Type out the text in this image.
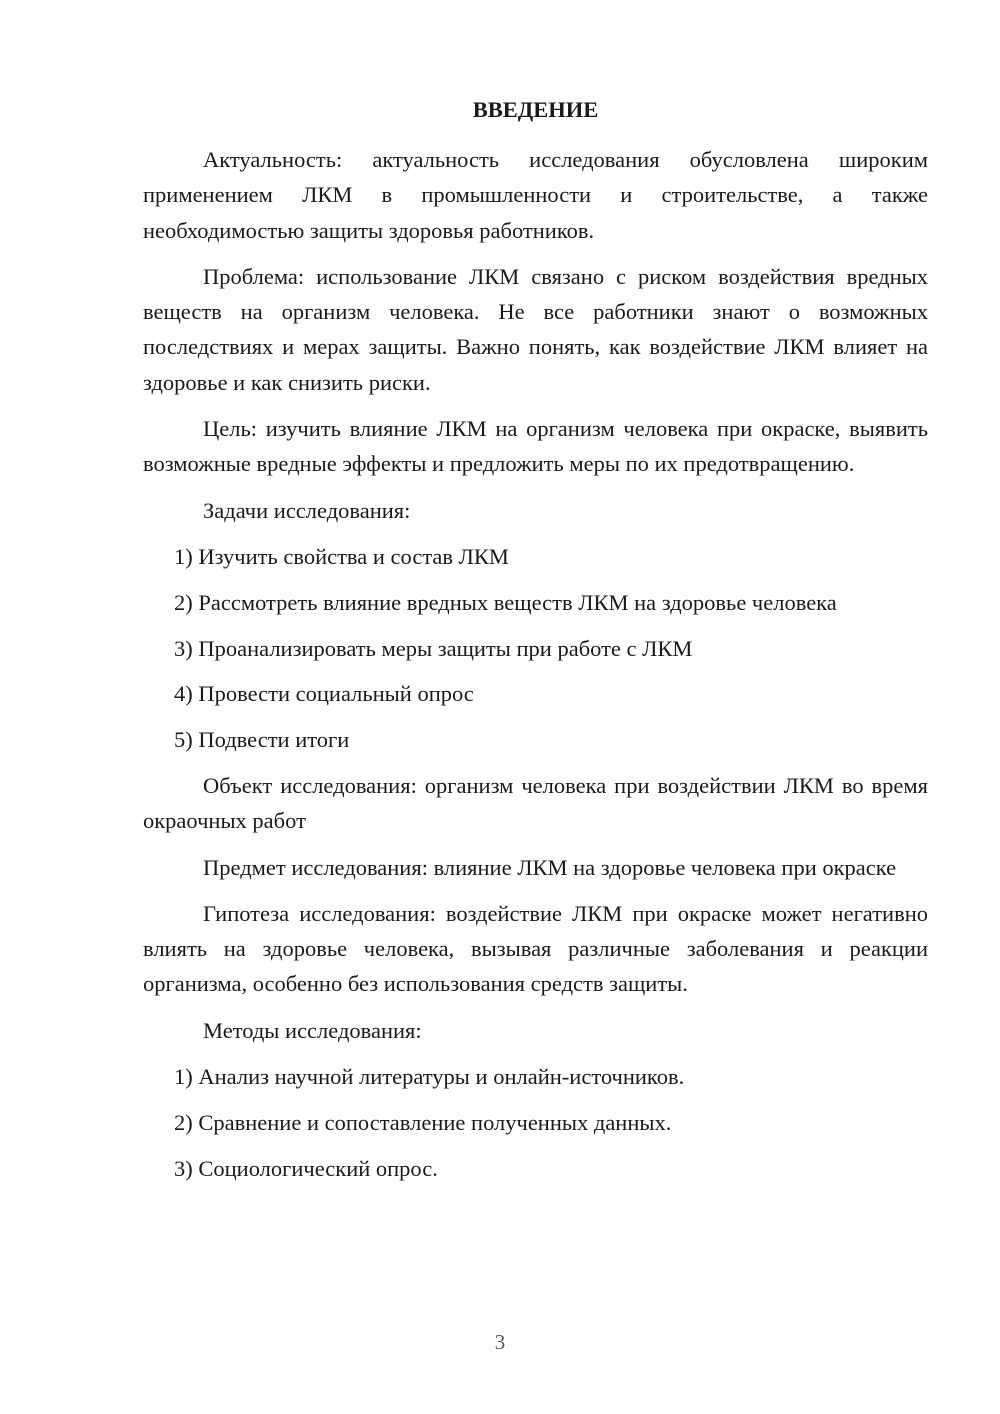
ВВЕДЕНИЕ

Актуальность: актуальность исследования обусловлена широким применением ЛКМ в промышленности и строительстве, а также необходимостью защиты здоровья работников.

Проблема: использование ЛКМ связано с риском воздействия вредных веществ на организм человека. Не все работники знают о возможных последствиях и мерах защиты. Важно понять, как воздействие ЛКМ влияет на здоровье и как снизить риски.

Цель: изучить влияние ЛКМ на организм человека при окраске, выявить возможные вредные эффекты и предложить меры по их предотвращению.

Задачи исследования:

1) Изучить свойства и состав ЛКМ
2) Рассмотреть влияние вредных веществ ЛКМ на здоровье человека
3) Проанализировать меры защиты при работе с ЛКМ
4) Провести социальный опрос
5) Подвести итоги

Объект исследования: организм человека при воздействии ЛКМ во время окраочных работ

Предмет исследования: влияние ЛКМ на здоровье человека при окраске

Гипотеза исследования: воздействие ЛКМ при окраске может негативно влиять на здоровье человека, вызывая различные заболевания и реакции организма, особенно без использования средств защиты.

Методы исследования:

1) Анализ научной литературы и онлайн-источников.
2) Сравнение и сопоставление полученных данных.
3) Социологический опрос.
3
